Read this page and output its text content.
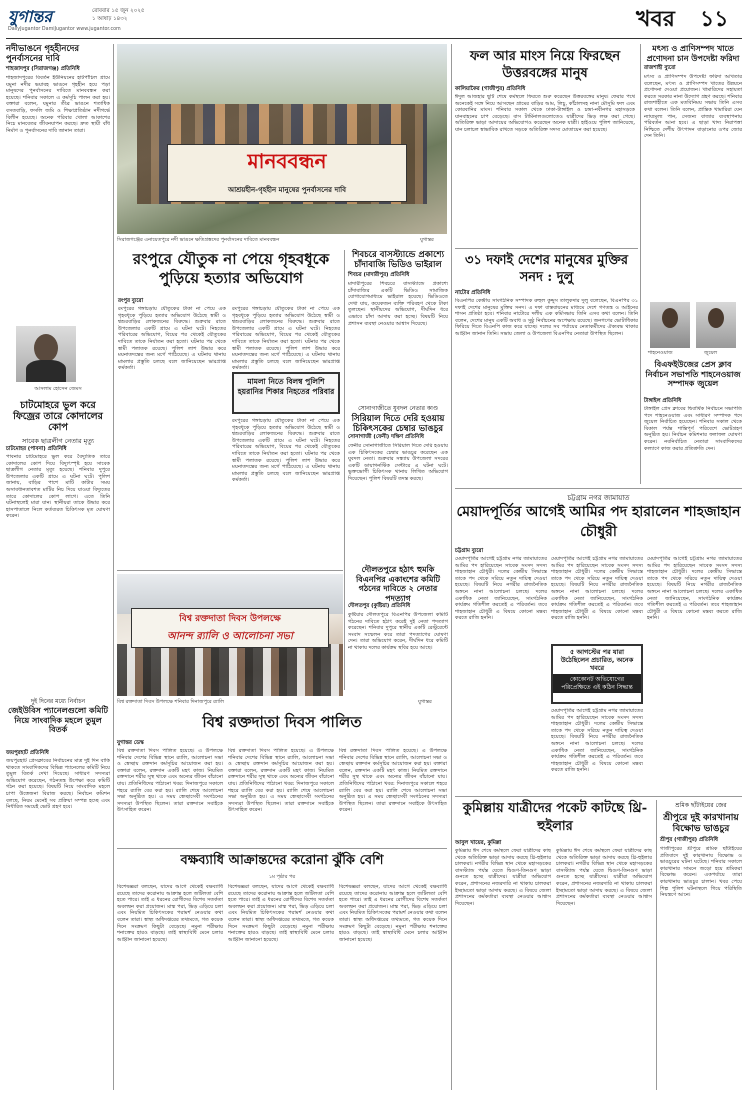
যুগান্তর	রোববার ১৫ জুন ২০২৫
১ আষাঢ় ১৪৩২
DailyJugantor DamiJugantor www.jugantor.com	খবর ১১
নদীভাঙনে গৃহহীনদের পুনর্বাসনের দাবি
শাহজাদপুর (সিরাজগঞ্জ) প্রতিনিধি
শাহজাদপুরের বিবর্তন ইউনিয়নের হাটপাঁচিল গ্রামে যমুনা নদীর ভয়াবহ ভাঙনে গৃহহীন হয়ে পড়া মানুষদের পুনর্বাসনের দাবিতে মানববন্ধন করা হয়েছে। শনিবার সকালে এ কর্মসূচি পালন করা হয়। বক্তারা বলেন, যমুনার তীব্র ভাঙনে শতাধিক বসতবাড়ি, ফসলি জমি ও শিক্ষাপ্রতিষ্ঠান নদীগর্ভে বিলীন হয়েছে। অনেক পরিবার খোলা আকাশের নিচে মানবেতর জীবনযাপন করছে। দ্রুত স্থায়ী বাঁধ নির্মাণ ও পুনর্বাসনের দাবি জানান তারা।
আসলাম হোসেন জেমস
চাটমোহরে ভুল করে ফিজ্রের তারে কোদালের কোপ
সাবেক ছাত্রলীগ নেতার মৃত্যু
চাটমোহর (পাবনা) প্রতিনিধি
পাবনার চাটমোহরে ভুল করে বৈদ্যুতিক তারে কোদালের কোপ দিয়ে বিদ্যুৎস্পৃষ্ট হয়ে সাবেক ছাত্রলীগ নেতার মৃত্যু হয়েছে। শনিবার দুপুরে উপজেলার একটি গ্রামে এ ঘটনা ঘটে। পুলিশ জানায়, বাড়ির পাশে মাটি কাটার সময় অসাবধানতাবশত মাটির নিচ দিয়ে যাওয়া বিদ্যুতের তারে কোদালের কোপ লাগে। এতে তিনি ঘটনাস্থলেই মারা যান। স্থানীয়রা তাকে উদ্ধার করে হাসপাতালে নিলে কর্তব্যরত চিকিৎসক মৃত ঘোষণা করেন।
দুই দিনের মধ্যে নির্বাচন
জেইউবিস প্যানেলগুলো কমিটি নিয়ে সাংবাদিক মহলে তুমুল বিতর্ক
জয়পুরহাট প্রতিনিধি
জয়পুরহাট প্রেসক্লাবের নির্বাচনের মাত্র দুই দিন বাকি থাকতে সাংবাদিকদের বিভিন্ন প্যানেলের কমিটি নিয়ে তুমুল বিতর্ক দেখা দিয়েছে। সাধারণ সদস্যরা অভিযোগ করেছেন, গঠনতন্ত্র উপেক্ষা করে কমিটি গঠন করা হয়েছে। বিষয়টি নিয়ে সাংবাদিক মহলে চাপা উত্তেজনা বিরাজ করছে। নির্বাচন কমিশন বলছে, নিয়ম মেনেই সব প্রক্রিয়া সম্পন্ন হচ্ছে এবং নির্ধারিত সময়েই ভোট গ্রহণ হবে।
মানববন্ধন
আশ্রয়হীন-গৃহহীন মানুষের পুনর্বাসনের দাবি
সিরাজগঞ্জের এনায়েতপুরে নদী ভাঙনে ক্ষতিগ্রস্তদের পুনর্বাসনের দাবিতে মানববন্ধন	যুগান্তর
রংপুরে যৌতুক না পেয়ে গৃহবধূকে পুড়িয়ে হত্যার অভিযোগ
রংপুর ব্যুরো
রংপুরের গঙ্গাচড়ায় যৌতুকের টাকা না পেয়ে এক গৃহবধূকে পুড়িয়ে হত্যার অভিযোগ উঠেছে স্বামী ও শ্বশুরবাড়ির লোকজনের বিরুদ্ধে। শুক্রবার রাতে উপজেলার একটি গ্রামে এ ঘটনা ঘটে। নিহতের পরিবারের অভিযোগ, বিয়ের পর থেকেই যৌতুকের দাবিতে তাকে নির্যাতন করা হতো। ঘটনার পর থেকে স্বামী পলাতক রয়েছে। পুলিশ লাশ উদ্ধার করে ময়নাতদন্তের জন্য মর্গে পাঠিয়েছে। এ ঘটনায় থানায় মামলার প্রস্তুতি চলছে বলে জানিয়েছেন ভারপ্রাপ্ত কর্মকর্তা।
রংপুরের গঙ্গাচড়ায় যৌতুকের টাকা না পেয়ে এক গৃহবধূকে পুড়িয়ে হত্যার অভিযোগ উঠেছে স্বামী ও শ্বশুরবাড়ির লোকজনের বিরুদ্ধে। শুক্রবার রাতে উপজেলার একটি গ্রামে এ ঘটনা ঘটে। নিহতের পরিবারের অভিযোগ, বিয়ের পর থেকেই যৌতুকের দাবিতে তাকে নির্যাতন করা হতো। ঘটনার পর থেকে স্বামী পলাতক রয়েছে। পুলিশ লাশ উদ্ধার করে ময়নাতদন্তের জন্য মর্গে পাঠিয়েছে। এ ঘটনায় থানায় মামলার প্রস্তুতি চলছে বলে জানিয়েছেন ভারপ্রাপ্ত কর্মকর্তা।
মামলা নিতে বিলম্ব পুলিশি হয়রানির শিকার নিহতের পরিবার
রংপুরের গঙ্গাচড়ায় যৌতুকের টাকা না পেয়ে এক গৃহবধূকে পুড়িয়ে হত্যার অভিযোগ উঠেছে স্বামী ও শ্বশুরবাড়ির লোকজনের বিরুদ্ধে। শুক্রবার রাতে উপজেলার একটি গ্রামে এ ঘটনা ঘটে। নিহতের পরিবারের অভিযোগ, বিয়ের পর থেকেই যৌতুকের দাবিতে তাকে নির্যাতন করা হতো। ঘটনার পর থেকে স্বামী পলাতক রয়েছে। পুলিশ লাশ উদ্ধার করে ময়নাতদন্তের জন্য মর্গে পাঠিয়েছে। এ ঘটনায় থানায় মামলার প্রস্তুতি চলছে বলে জানিয়েছেন ভারপ্রাপ্ত কর্মকর্তা।
শিবচরে বাসস্ট্যান্ডে প্রকাশ্যে চাঁদাবাজি ভিডিও ভাইরাল
শিবচর (মাদারীপুর) প্রতিনিধি
মাদারীপুরের শিবচরে বাসস্ট্যান্ডে প্রকাশ্যে চাঁদাবাজির একটি ভিডিও সামাজিক যোগাযোগমাধ্যমে ভাইরাল হয়েছে। ভিডিওতে দেখা যায়, কয়েকজন ব্যক্তি পরিবহণ থেকে টাকা তুলছেন। স্থানীয়দের অভিযোগ, দীর্ঘদিন ধরে এভাবে চাঁদা আদায় করা হচ্ছে। বিষয়টি নিয়ে প্রশাসন ব্যবস্থা নেওয়ার আশ্বাস দিয়েছে।
সোনাগাজীতে যুবদল নেতার কাণ্ড
সিরিয়াল দিতে দেরি হওয়ায় চিকিৎসকের চেম্বার ভাঙচুর
সোনাগাজী (ফেনী) দক্ষিণ প্রতিনিধি
ফেনীর সোনাগাজীতে সিরিয়াল দিতে দেরি হওয়ায় এক চিকিৎসকের চেম্বার ভাঙচুর করেছেন এক যুবদল নেতা। শুক্রবার সন্ধ্যায় উপজেলা সদরের একটি ডায়াগনস্টিক সেন্টারে এ ঘটনা ঘটে। ভুক্তভোগী চিকিৎসক থানায় লিখিত অভিযোগ দিয়েছেন। পুলিশ বিষয়টি তদন্ত করছে।
দৌলতপুরে হঠাৎ হুমকি বিএনপির একাংশের কমিটি গঠনের দাবিতে ২ নেতার পদত্যাগ
দৌলতপুর (কুষ্টিয়া) প্রতিনিধি
কুষ্টিয়ার দৌলতপুরে বিএনপির উপজেলা কমিটি গঠনের দাবিতে হঠাৎ করেই দুই নেতা পদত্যাগ করেছেন। শনিবার দুপুরে স্থানীয় একটি রেস্টুরেন্টে সংবাদ সম্মেলন করে তারা পদত্যাগের ঘোষণা দেন। তারা অভিযোগ করেন, দীর্ঘদিন ধরে কমিটি না থাকায় দলের কার্যক্রম স্থবির হয়ে আছে।
ফল আর মাংস নিয়ে ফিরছেন উত্তরবঙ্গের মানুষ
কালিয়াকৈর (গাজীপুর) প্রতিনিধি
ঈদুল আজহার ছুটি শেষে কর্মস্থলে ফিরতে শুরু করেছেন উত্তরবঙ্গের মানুষ। ফেরার পথে অনেকেই সঙ্গে নিয়ে আসছেন গ্রামের বাড়ির আম, লিচু, কাঁঠালসহ নানা মৌসুমি ফল এবং কোরবানির মাংস। শনিবার সকাল থেকে ঢাকা-টাঙ্গাইল ও চন্দ্রা-নবীনগর মহাসড়কে যানবাহনের চাপ বেড়েছে। বাস টার্মিনালগুলোতেও যাত্রীদের ভিড় লক্ষ করা গেছে। অতিরিক্ত ভাড়া আদায়ের অভিযোগও করেছেন অনেক যাত্রী। হাইওয়ে পুলিশ জানিয়েছে, যান চলাচল স্বাভাবিক রাখতে সড়কে অতিরিক্ত সদস্য মোতায়েন করা হয়েছে।
মৎস্য ও প্রাণিসম্পদ খাতে প্রণোদনা চান উপদেষ্টা ফরিদা
রাজশাহী ব্যুরো
মৎস্য ও প্রাণিসম্পদ উপদেষ্টা ফরিদা আখতার বলেছেন, মৎস্য ও প্রাণিসম্পদ খাতের উন্নয়নে প্রণোদনা দেওয়া প্রয়োজন। খামারিদের সহায়তা করতে সরকার নানা উদ্যোগ গ্রহণ করছে। শনিবার রাজশাহীতে এক মতবিনিময় সভায় তিনি এসব কথা বলেন। তিনি বলেন, প্রান্তিক খামারিরা যেন ন্যায্যমূল্য পান, সেজন্য বাজার ব্যবস্থাপনায় পরিবর্তন আনা হবে। এ ছাড়া খাদ্য নিরাপত্তা নিশ্চিতে দেশীয় উৎপাদন বাড়ানোর ওপর জোর দেন তিনি।
শাহনেওয়াজ	জুয়েল
বিএফইউজের প্রেস ক্লাব নির্বাচন সভাপতি শাহনেওয়াজ সম্পাদক জুয়েল
টাঙ্গাইল প্রতিনিধি
টাঙ্গাইল প্রেস ক্লাবের দ্বিবার্ষিক নির্বাচনে সভাপতি পদে শাহনেওয়াজ এবং সাধারণ সম্পাদক পদে জুয়েল নির্বাচিত হয়েছেন। শনিবার সকাল থেকে বিকাল পর্যন্ত শান্তিপূর্ণ পরিবেশে ভোটগ্রহণ অনুষ্ঠিত হয়। নির্বাচন কমিশনার ফলাফল ঘোষণা করেন। নবনির্বাচিত নেতারা সাংবাদিকদের কল্যাণে কাজ করার প্রতিশ্রুতি দেন।
৩১ দফাই দেশের মানুষের মুক্তির সনদ : দুলু
নাটোর প্রতিনিধি
বিএনপির কেন্দ্রীয় সাংগঠনিক সম্পাদক রুহুল কুদ্দুস তালুকদার দুলু বলেছেন, বিএনপির ৩১ দফাই দেশের মানুষের মুক্তির সনদ। এ দফা বাস্তবায়নের মাধ্যমে দেশে গণতন্ত্র ও আইনের শাসন প্রতিষ্ঠা হবে। শনিবার নাটোরে দলীয় এক কর্মিসভায় তিনি এসব কথা বলেন। তিনি বলেন, দেশের মানুষ একটি অবাধ ও সুষ্ঠু নির্বাচনের অপেক্ষায় রয়েছে। জনগণের ভোটাধিকার ফিরিয়ে দিতে বিএনপি কাজ করে যাচ্ছে। দলের সব পর্যায়ের নেতাকর্মীদের ঐক্যবদ্ধ থাকার আহ্বান জানান তিনি। সভায় জেলা ও উপজেলা বিএনপির নেতারা উপস্থিত ছিলেন।
চট্টগ্রাম নগর জামায়াত
মেয়াদপূর্তির আগেই আমির পদ হারালেন শাহজাহান চৌধুরী
চট্টগ্রাম ব্যুরো
মেয়াদপূর্তির আগেই চট্টগ্রাম নগর জামায়াতের আমির পদ হারিয়েছেন সাবেক সংসদ সদস্য শাহজাহান চৌধুরী। দলের কেন্দ্রীয় সিদ্ধান্তে তাকে পদ থেকে সরিয়ে নতুন দায়িত্ব দেওয়া হয়েছে। বিষয়টি নিয়ে নগরীর রাজনৈতিক অঙ্গনে নানা আলোচনা চলছে। দলের একাধিক নেতা জানিয়েছেন, সাংগঠনিক কার্যক্রম গতিশীল করতেই এ পরিবর্তন। তবে শাহজাহান চৌধুরী এ বিষয়ে কোনো মন্তব্য করতে রাজি হননি।
মেয়াদপূর্তির আগেই চট্টগ্রাম নগর জামায়াতের আমির পদ হারিয়েছেন সাবেক সংসদ সদস্য শাহজাহান চৌধুরী। দলের কেন্দ্রীয় সিদ্ধান্তে তাকে পদ থেকে সরিয়ে নতুন দায়িত্ব দেওয়া হয়েছে। বিষয়টি নিয়ে নগরীর রাজনৈতিক অঙ্গনে নানা আলোচনা চলছে। দলের একাধিক নেতা জানিয়েছেন, সাংগঠনিক কার্যক্রম গতিশীল করতেই এ পরিবর্তন। তবে শাহজাহান চৌধুরী এ বিষয়ে কোনো মন্তব্য করতে রাজি হননি।
৫ আগস্টের পর যারা উঠেছিলেন প্রচারিত, অনেক খবরে
কোকোনট অভিযোগের পরিপ্রেক্ষিতে এই কঠিন সিদ্ধান্ত
মেয়াদপূর্তির আগেই চট্টগ্রাম নগর জামায়াতের আমির পদ হারিয়েছেন সাবেক সংসদ সদস্য শাহজাহান চৌধুরী। দলের কেন্দ্রীয় সিদ্ধান্তে তাকে পদ থেকে সরিয়ে নতুন দায়িত্ব দেওয়া হয়েছে। বিষয়টি নিয়ে নগরীর রাজনৈতিক অঙ্গনে নানা আলোচনা চলছে। দলের একাধিক নেতা জানিয়েছেন, সাংগঠনিক কার্যক্রম গতিশীল করতেই এ পরিবর্তন। তবে শাহজাহান চৌধুরী এ বিষয়ে কোনো মন্তব্য করতে রাজি হননি।
মেয়াদপূর্তির আগেই চট্টগ্রাম নগর জামায়াতের আমির পদ হারিয়েছেন সাবেক সংসদ সদস্য শাহজাহান চৌধুরী। দলের কেন্দ্রীয় সিদ্ধান্তে তাকে পদ থেকে সরিয়ে নতুন দায়িত্ব দেওয়া হয়েছে। বিষয়টি নিয়ে নগরীর রাজনৈতিক অঙ্গনে নানা আলোচনা চলছে। দলের একাধিক নেতা জানিয়েছেন, সাংগঠনিক কার্যক্রম গতিশীল করতেই এ পরিবর্তন। তবে শাহজাহান চৌধুরী এ বিষয়ে কোনো মন্তব্য করতে রাজি হননি।
বিশ্ব রক্তদাতা দিবস উপলক্ষে
আনন্দ র‍্যালি ও আলোচনা সভা
বিশ্ব রক্তদাতা দিবস উপলক্ষে শনিবার দিনাজপুরে র‍্যালি	যুগান্তর
বিশ্ব রক্তদাতা দিবস পালিত
যুগান্তর ডেস্ক
বিশ্ব রক্তদাতা দিবস পালিত হয়েছে। এ উপলক্ষে শনিবার দেশের বিভিন্ন স্থানে র‍্যালি, আলোচনা সভা ও স্বেচ্ছায় রক্তদান কর্মসূচির আয়োজন করা হয়। বক্তারা বলেন, রক্তদান একটি মহৎ কাজ। নিয়মিত রক্তদানে শরীর সুস্থ থাকে এবং অন্যের জীবন বাঁচানো যায়। প্রতিনিধিদের পাঠানো খবর: দিনাজপুরে সকালে শহরে র‍্যালি বের করা হয়। র‍্যালি শেষে আলোচনা সভা অনুষ্ঠিত হয়। এ সময় স্বেচ্ছাসেবী সংগঠনের সদস্যরা উপস্থিত ছিলেন। তারা রক্তদানে সবাইকে উৎসাহিত করেন।
বিশ্ব রক্তদাতা দিবস পালিত হয়েছে। এ উপলক্ষে শনিবার দেশের বিভিন্ন স্থানে র‍্যালি, আলোচনা সভা ও স্বেচ্ছায় রক্তদান কর্মসূচির আয়োজন করা হয়। বক্তারা বলেন, রক্তদান একটি মহৎ কাজ। নিয়মিত রক্তদানে শরীর সুস্থ থাকে এবং অন্যের জীবন বাঁচানো যায়। প্রতিনিধিদের পাঠানো খবর: দিনাজপুরে সকালে শহরে র‍্যালি বের করা হয়। র‍্যালি শেষে আলোচনা সভা অনুষ্ঠিত হয়। এ সময় স্বেচ্ছাসেবী সংগঠনের সদস্যরা উপস্থিত ছিলেন। তারা রক্তদানে সবাইকে উৎসাহিত করেন।
বিশ্ব রক্তদাতা দিবস পালিত হয়েছে। এ উপলক্ষে শনিবার দেশের বিভিন্ন স্থানে র‍্যালি, আলোচনা সভা ও স্বেচ্ছায় রক্তদান কর্মসূচির আয়োজন করা হয়। বক্তারা বলেন, রক্তদান একটি মহৎ কাজ। নিয়মিত রক্তদানে শরীর সুস্থ থাকে এবং অন্যের জীবন বাঁচানো যায়। প্রতিনিধিদের পাঠানো খবর: দিনাজপুরে সকালে শহরে র‍্যালি বের করা হয়। র‍্যালি শেষে আলোচনা সভা অনুষ্ঠিত হয়। এ সময় স্বেচ্ছাসেবী সংগঠনের সদস্যরা উপস্থিত ছিলেন। তারা রক্তদানে সবাইকে উৎসাহিত করেন।
বক্ষব্যাধি আক্রান্তদের করোনা ঝুঁকি বেশি
১ম পৃষ্ঠার পর
বিশেষজ্ঞরা বলছেন, যাদের আগে থেকেই বক্ষব্যাধি রয়েছে তাদের করোনায় আক্রান্ত হলে জটিলতা বেশি হতে পারে। তাই এ ধরনের রোগীদের বিশেষ সতর্কতা অবলম্বন করা প্রয়োজন। মাস্ক পরা, ভিড় এড়িয়ে চলা এবং নিয়মিত চিকিৎসকের পরামর্শ নেওয়ার কথা বলেন তারা। স্বাস্থ্য অধিদপ্তরের তথ্যমতে, গত কয়েক দিনে সংক্রমণ কিছুটা বেড়েছে। নমুনা পরীক্ষায় শনাক্তের হারও বাড়ছে। তাই স্বাস্থ্যবিধি মেনে চলার আহ্বান জানানো হয়েছে।
বিশেষজ্ঞরা বলছেন, যাদের আগে থেকেই বক্ষব্যাধি রয়েছে তাদের করোনায় আক্রান্ত হলে জটিলতা বেশি হতে পারে। তাই এ ধরনের রোগীদের বিশেষ সতর্কতা অবলম্বন করা প্রয়োজন। মাস্ক পরা, ভিড় এড়িয়ে চলা এবং নিয়মিত চিকিৎসকের পরামর্শ নেওয়ার কথা বলেন তারা। স্বাস্থ্য অধিদপ্তরের তথ্যমতে, গত কয়েক দিনে সংক্রমণ কিছুটা বেড়েছে। নমুনা পরীক্ষায় শনাক্তের হারও বাড়ছে। তাই স্বাস্থ্যবিধি মেনে চলার আহ্বান জানানো হয়েছে।
বিশেষজ্ঞরা বলছেন, যাদের আগে থেকেই বক্ষব্যাধি রয়েছে তাদের করোনায় আক্রান্ত হলে জটিলতা বেশি হতে পারে। তাই এ ধরনের রোগীদের বিশেষ সতর্কতা অবলম্বন করা প্রয়োজন। মাস্ক পরা, ভিড় এড়িয়ে চলা এবং নিয়মিত চিকিৎসকের পরামর্শ নেওয়ার কথা বলেন তারা। স্বাস্থ্য অধিদপ্তরের তথ্যমতে, গত কয়েক দিনে সংক্রমণ কিছুটা বেড়েছে। নমুনা পরীক্ষায় শনাক্তের হারও বাড়ছে। তাই স্বাস্থ্যবিধি মেনে চলার আহ্বান জানানো হয়েছে।
কুমিল্লায় যাত্রীদের পকেট কাটছে থ্রি-হুইলার
আবুল খায়ের, কুমিল্লা
কুমিল্লায় ঈদ শেষে কর্মস্থলে ফেরা যাত্রীদের কাছ থেকে অতিরিক্ত ভাড়া আদায় করছে থ্রি-হুইলার চালকরা। নগরীর বিভিন্ন স্থান থেকে মহাসড়কের বাসস্ট্যান্ড পর্যন্ত যেতে দ্বিগুণ-তিনগুণ ভাড়া গুনতে হচ্ছে যাত্রীদের। যাত্রীরা অভিযোগ করেন, প্রশাসনের নজরদারি না থাকায় চালকরা ইচ্ছামতো ভাড়া আদায় করছে। এ বিষয়ে জেলা প্রশাসনের কর্মকর্তারা ব্যবস্থা নেওয়ার আশ্বাস দিয়েছেন।
কুমিল্লায় ঈদ শেষে কর্মস্থলে ফেরা যাত্রীদের কাছ থেকে অতিরিক্ত ভাড়া আদায় করছে থ্রি-হুইলার চালকরা। নগরীর বিভিন্ন স্থান থেকে মহাসড়কের বাসস্ট্যান্ড পর্যন্ত যেতে দ্বিগুণ-তিনগুণ ভাড়া গুনতে হচ্ছে যাত্রীদের। যাত্রীরা অভিযোগ করেন, প্রশাসনের নজরদারি না থাকায় চালকরা ইচ্ছামতো ভাড়া আদায় করছে। এ বিষয়ে জেলা প্রশাসনের কর্মকর্তারা ব্যবস্থা নেওয়ার আশ্বাস দিয়েছেন।
শ্রমিক ছাঁটাইয়ের জের
শ্রীপুরে দুই কারখানায় বিক্ষোভ ভাঙচুর
শ্রীপুর (গাজীপুর) প্রতিনিধি
গাজীপুরের শ্রীপুরে শ্রমিক ছাঁটাইয়ের প্রতিবাদে দুই কারখানায় বিক্ষোভ ও ভাঙচুরের ঘটনা ঘটেছে। শনিবার সকালে কারখানার সামনে জড়ো হয়ে শ্রমিকরা বিক্ষোভ করেন। একপর্যায়ে তারা কারখানায় ভাঙচুর চালান। খবর পেয়ে শিল্প পুলিশ ঘটনাস্থলে গিয়ে পরিস্থিতি নিয়ন্ত্রণে আনে।
